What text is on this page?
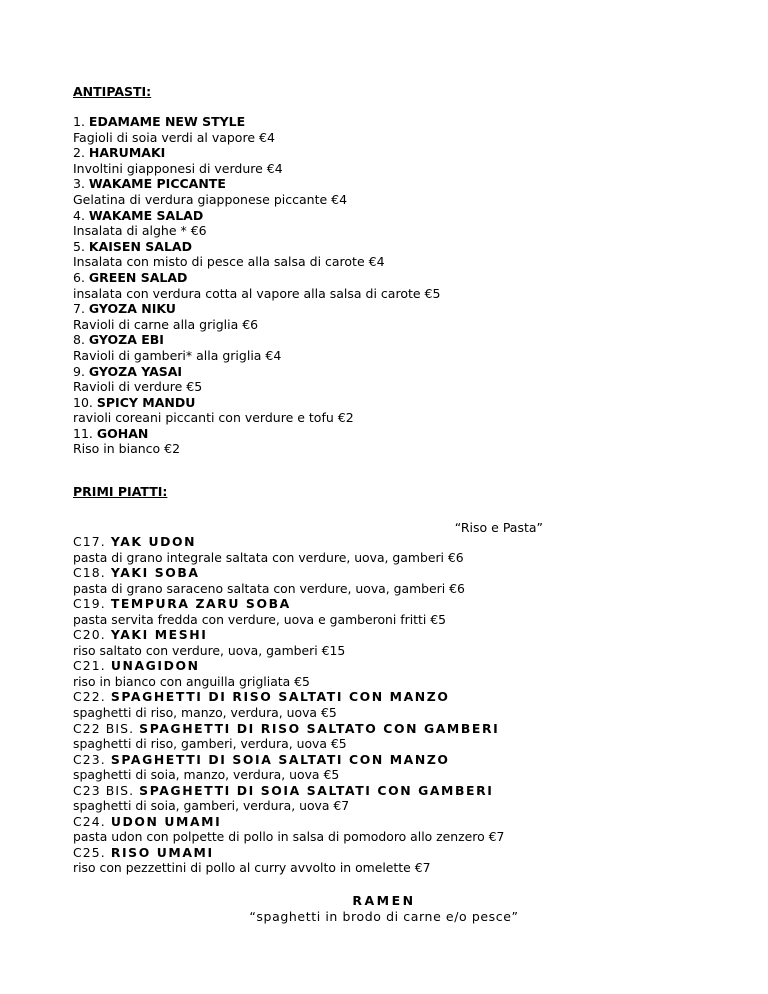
ANTIPASTI:
1. EDAMAME NEW STYLE
Fagioli di soia verdi al vapore €4
2. HARUMAKI
Involtini giapponesi di verdure €4
3. WAKAME PICCANTE
Gelatina di verdura giapponese piccante €4
4. WAKAME SALAD
Insalata di alghe * €6
5. KAISEN SALAD
Insalata con misto di pesce alla salsa di carote €4
6. GREEN SALAD
insalata con verdura cotta al vapore alla salsa di carote €5
7. GYOZA NIKU
Ravioli di carne alla griglia €6
8. GYOZA EBI
Ravioli di gamberi* alla griglia €4
9. GYOZA YASAI
Ravioli di verdure €5
10. SPICY MANDU
ravioli coreani piccanti con verdure e tofu €2
11. GOHAN
Riso in bianco €2
PRIMI PIATTI:
“Riso e Pasta”
C17. YAK UDON
pasta di grano integrale saltata con verdure, uova, gamberi €6
C18. YAKI SOBA
pasta di grano saraceno saltata con verdure, uova, gamberi €6
C19. TEMPURA ZARU SOBA
pasta servita fredda con verdure, uova e gamberoni fritti €5
C20. YAKI MESHI
riso saltato con verdure, uova, gamberi €15
C21. UNAGIDON
riso in bianco con anguilla grigliata €5
C22. SPAGHETTI DI RISO SALTATI CON MANZO
spaghetti di riso, manzo, verdura, uova €5
C22 BIS. SPAGHETTI DI RISO SALTATO CON GAMBERI
spaghetti di riso, gamberi, verdura, uova €5
C23. SPAGHETTI DI SOIA SALTATI CON MANZO
spaghetti di soia, manzo, verdura, uova €5
C23 BIS. SPAGHETTI DI SOIA SALTATI CON GAMBERI
spaghetti di soia, gamberi, verdura, uova €7
C24. UDON UMAMI
pasta udon con polpette di pollo in salsa di pomodoro allo zenzero €7
C25. RISO UMAMI
riso con pezzettini di pollo al curry avvolto in omelette €7
RAMEN
“spaghetti in brodo di carne e/o pesce”
